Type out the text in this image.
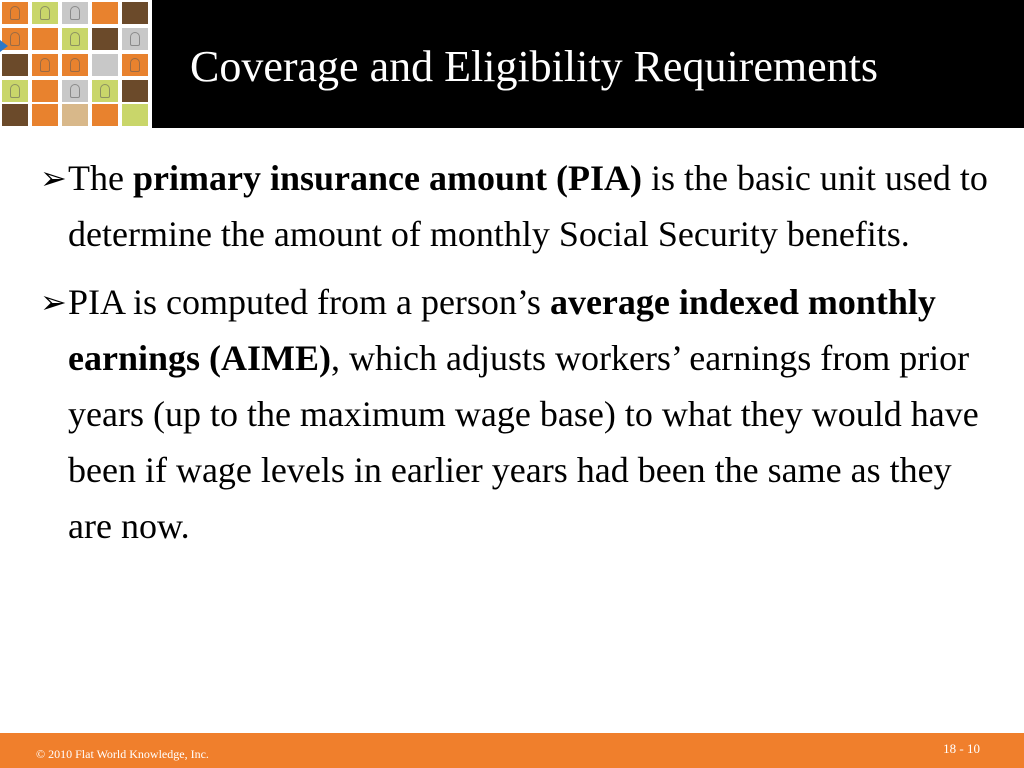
Coverage and Eligibility Requirements
➢ The primary insurance amount (PIA) is the basic unit used to determine the amount of monthly Social Security benefits.
➢ PIA is computed from a person’s average indexed monthly earnings (AIME), which adjusts workers’ earnings from prior years (up to the maximum wage base) to what they would have been if wage levels in earlier years had been the same as they are now.
© 2010 Flat World Knowledge, Inc.	18 - 10
